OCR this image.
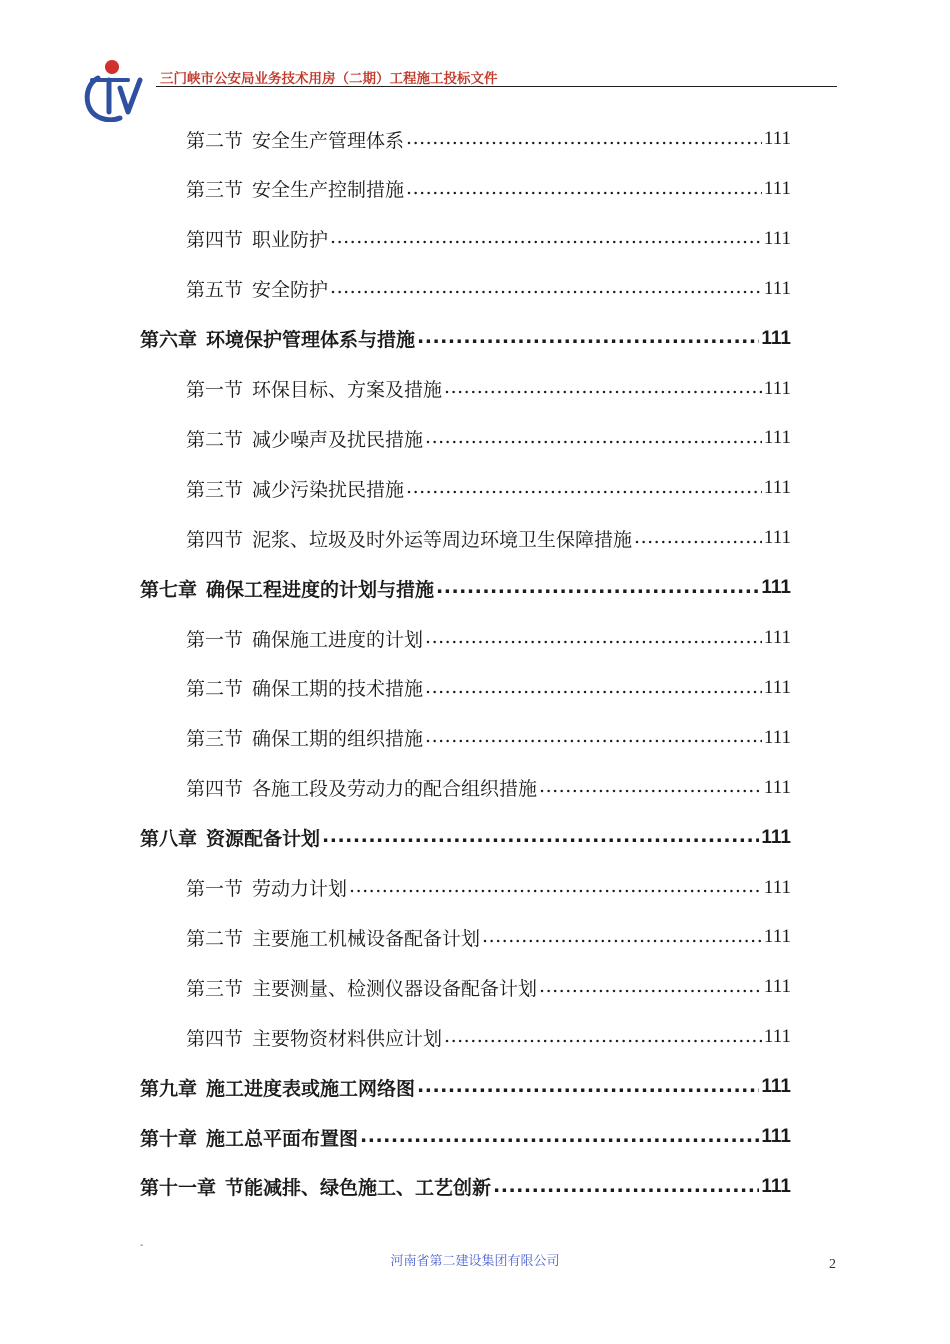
三门峡市公安局业务技术用房（二期）工程施工投标文件
第二节 安全生产管理体系 .....	111
第三节 安全生产控制措施 .....	111
第四节 职业防护 .....	111
第五节 安全防护 .....	111
第六章 环境保护管理体系与措施 .....	111
第一节 环保目标、方案及措施 .....	111
第二节 减少噪声及扰民措施 .....	111
第三节 减少污染扰民措施 .....	111
第四节 泥浆、垃圾及时外运等周边环境卫生保障措施 .....	111
第七章 确保工程进度的计划与措施 .....	111
第一节 确保施工进度的计划 .....	111
第二节 确保工期的技术措施 .....	111
第三节 确保工期的组织措施 .....	111
第四节 各施工段及劳动力的配合组织措施 .....	111
第八章 资源配备计划 .....	111
第一节 劳动力计划 .....	111
第二节 主要施工机械设备配备计划 .....	111
第三节 主要测量、检测仪器设备配备计划 .....	111
第四节 主要物资材料供应计划 .....	111
第九章 施工进度表或施工网络图 .....	111
第十章 施工总平面布置图 .....	111
第十一章 节能减排、绿色施工、工艺创新 .....	111
-
河南省第二建设集团有限公司	2
